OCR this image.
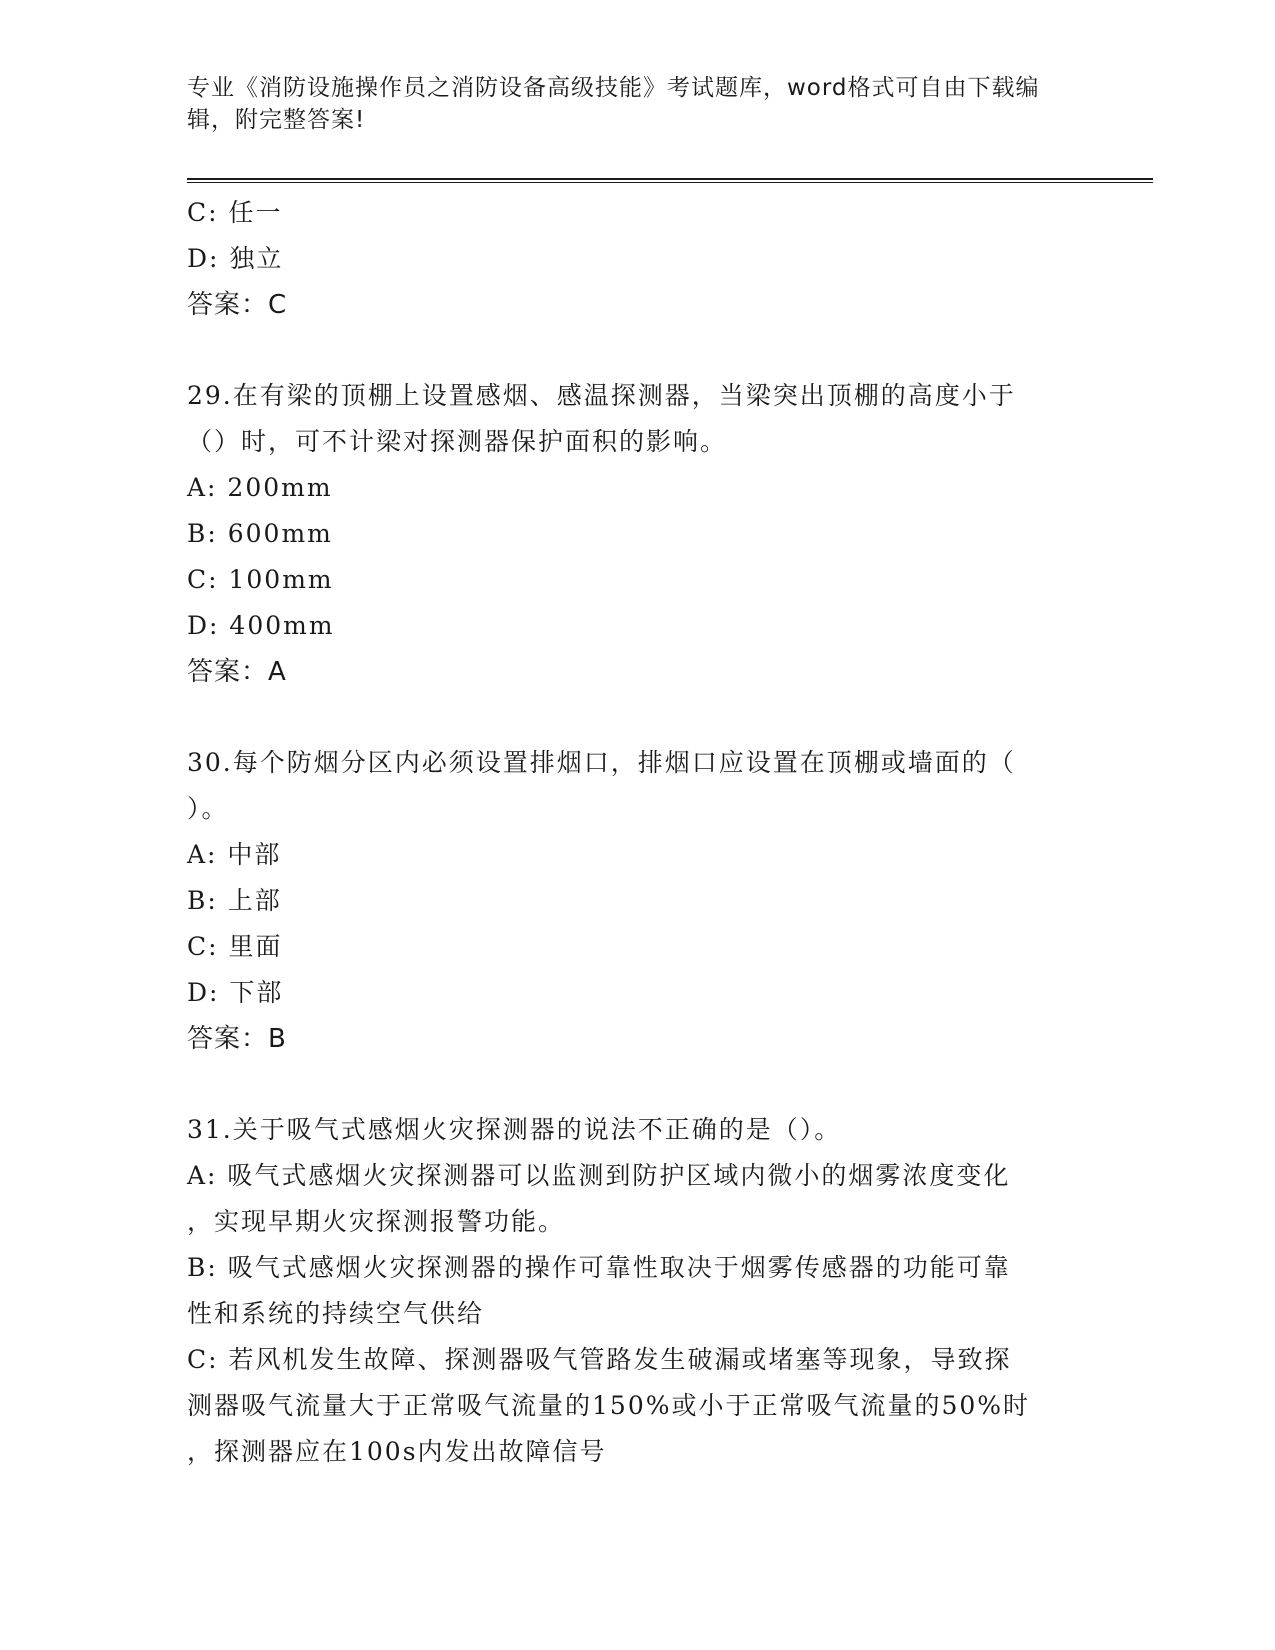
专业《消防设施操作员之消防设备高级技能》考试题库，word格式可自由下载编
辑，附完整答案!
C: 任一
D: 独立
答案：C
29.在有梁的顶棚上设置感烟、感温探测器，当梁突出顶棚的高度小于
（）时，可不计梁对探测器保护面积的影响。
A: 200mm
B: 600mm
C: 100mm
D: 400mm
答案：A
30.每个防烟分区内必须设置排烟口，排烟口应设置在顶棚或墙面的（
）。
A: 中部
B: 上部
C: 里面
D: 下部
答案：B
31.关于吸气式感烟火灾探测器的说法不正确的是（）。
A: 吸气式感烟火灾探测器可以监测到防护区域内微小的烟雾浓度变化
，实现早期火灾探测报警功能。
B: 吸气式感烟火灾探测器的操作可靠性取决于烟雾传感器的功能可靠
性和系统的持续空气供给
C: 若风机发生故障、探测器吸气管路发生破漏或堵塞等现象，导致探
测器吸气流量大于正常吸气流量的150%或小于正常吸气流量的50%时
，探测器应在100s内发出故障信号
